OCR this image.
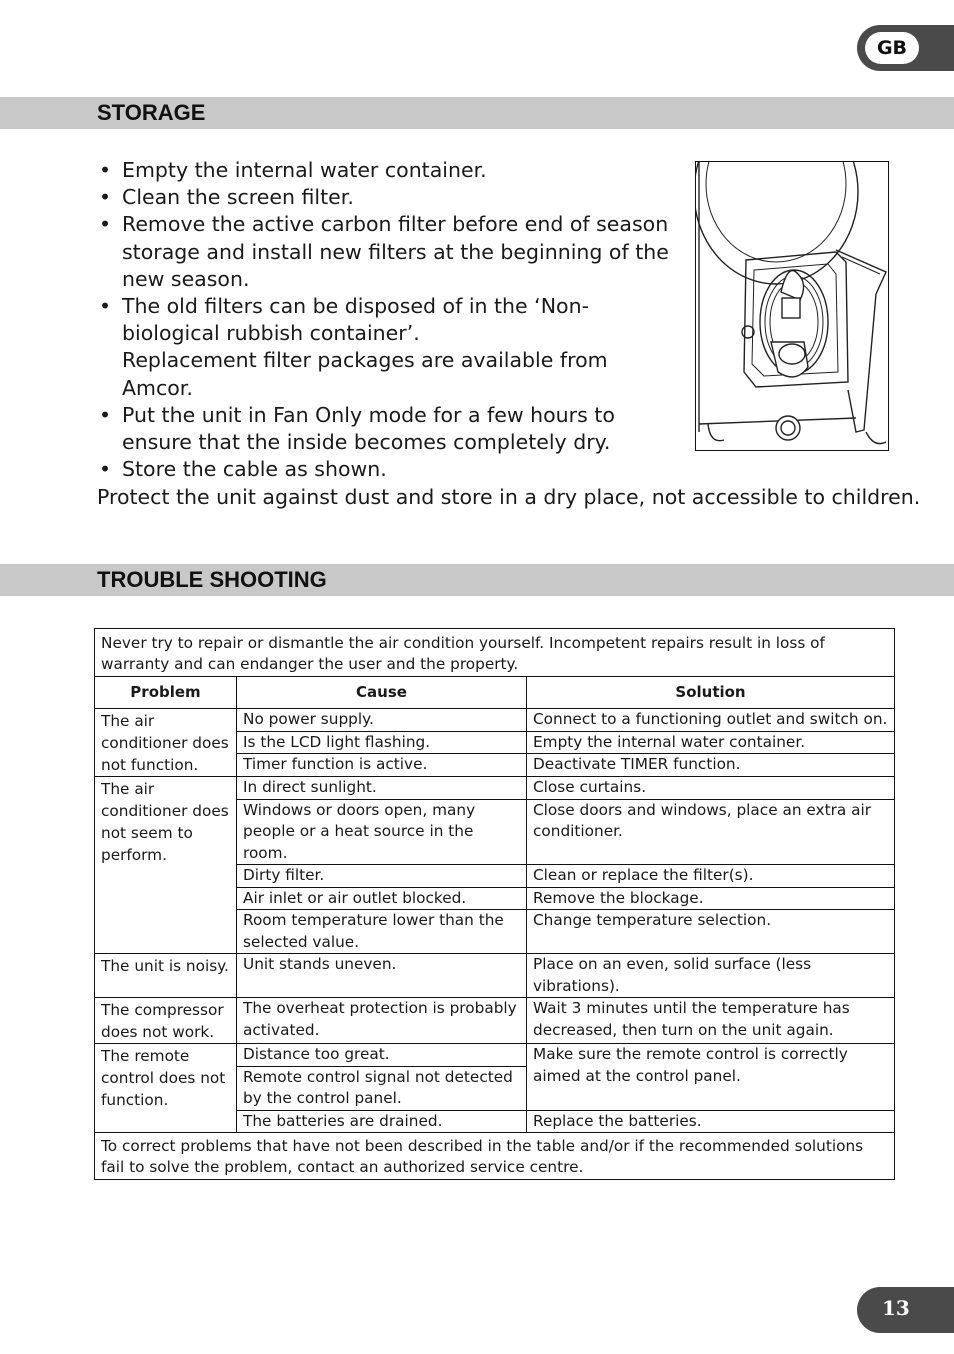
GB
STORAGE
• Empty the internal water container.
• Clean the screen filter.
• Remove the active carbon filter before end of season storage and install new filters at the beginning of the new season.
• The old filters can be disposed of in the ‘Non-biological rubbish container’.
Replacement filter packages are available from Amcor.
• Put the unit in Fan Only mode for a few hours to ensure that the inside becomes completely dry.
• Store the cable as shown.
Protect the unit against dust and store in a dry place, not accessible to children.
TROUBLE SHOOTING
Never try to repair or dismantle the air condition yourself. Incompetent repairs result in loss of warranty and can endanger the user and the property.		
Problem	Cause	Solution
The air conditioner does not function.	No power supply.	Connect to a functioning outlet and switch on.
	Is the LCD light flashing.	Empty the internal water container.
	Timer function is active.	Deactivate TIMER function.
The air conditioner does not seem to perform.	In direct sunlight.	Close curtains.
	Windows or doors open, many people or a heat source in the room.	Close doors and windows, place an extra air conditioner.
	Dirty filter.	Clean or replace the filter(s).
	Air inlet or air outlet blocked.	Remove the blockage.
	Room temperature lower than the selected value.	Change temperature selection.
The unit is noisy.	Unit stands uneven.	Place on an even, solid surface (less vibrations).
The compressor does not work.	The overheat protection is probably activated.	Wait 3 minutes until the temperature has decreased, then turn on the unit again.
The remote control does not function.	Distance too great.	Make sure the remote control is correctly aimed at the control panel.
	Remote control signal not detected by the control panel.	
	The batteries are drained.	Replace the batteries.
To correct problems that have not been described in the table and/or if the recommended solutions fail to solve the problem, contact an authorized service centre.		
13
